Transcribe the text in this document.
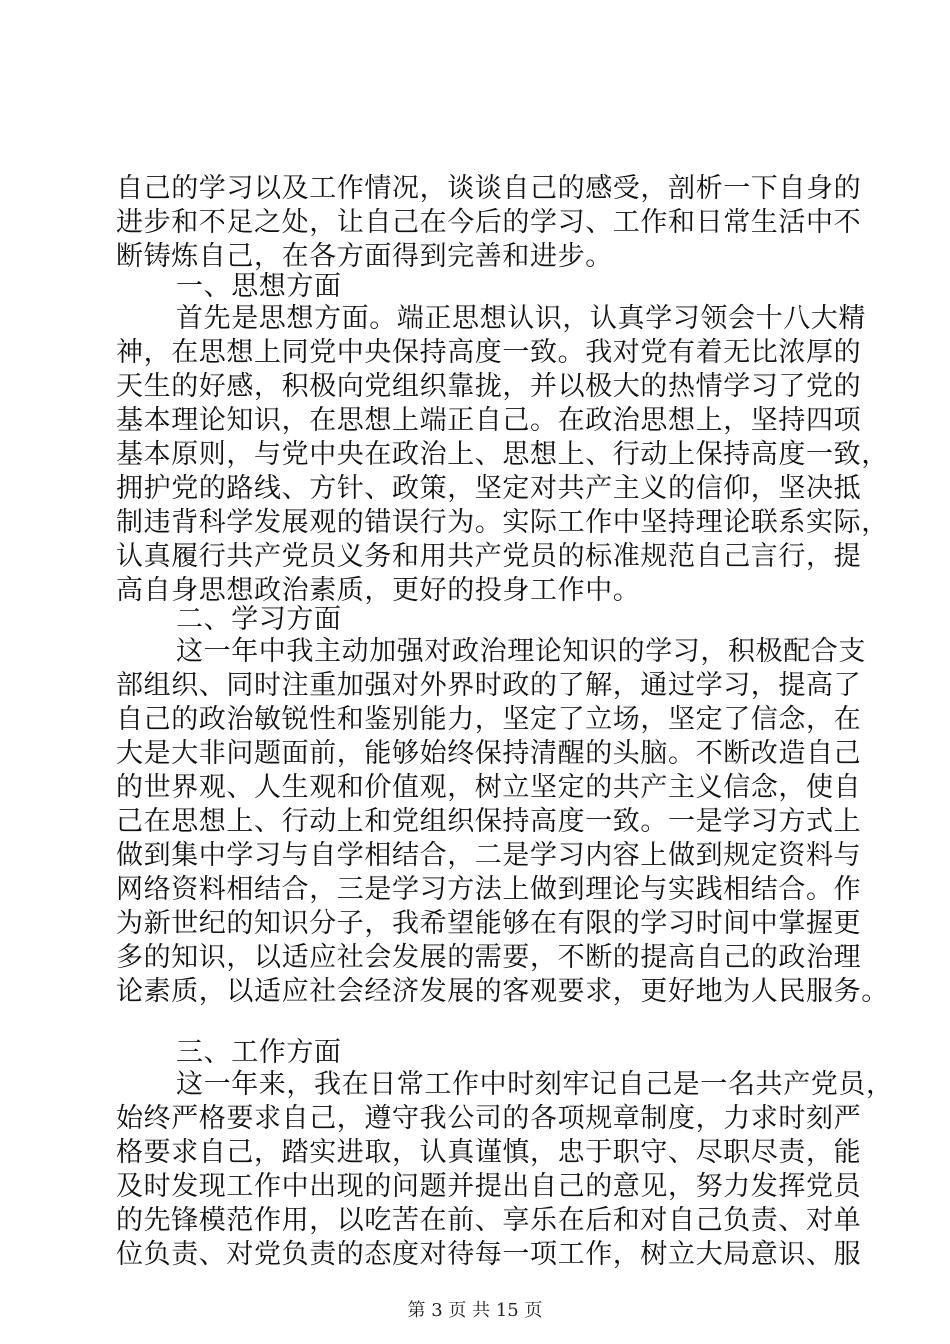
自己的学习以及工作情况，谈谈自己的感受，剖析一下自身的
进步和不足之处，让自己在今后的学习、工作和日常生活中不
断铸炼自己，在各方面得到完善和进步。
一、思想方面
首先是思想方面。端正思想认识，认真学习领会十八大精
神，在思想上同党中央保持高度一致。我对党有着无比浓厚的
天生的好感，积极向党组织靠拢，并以极大的热情学习了党的
基本理论知识，在思想上端正自己。在政治思想上，坚持四项
基本原则，与党中央在政治上、思想上、行动上保持高度一致，
拥护党的路线、方针、政策，坚定对共产主义的信仰，坚决抵
制违背科学发展观的错误行为。实际工作中坚持理论联系实际，
认真履行共产党员义务和用共产党员的标准规范自己言行，提
高自身思想政治素质，更好的投身工作中。
二、学习方面
这一年中我主动加强对政治理论知识的学习，积极配合支
部组织、同时注重加强对外界时政的了解，通过学习，提高了
自己的政治敏锐性和鉴别能力，坚定了立场，坚定了信念，在
大是大非问题面前，能够始终保持清醒的头脑。不断改造自己
的世界观、人生观和价值观，树立坚定的共产主义信念，使自
己在思想上、行动上和党组织保持高度一致。一是学习方式上
做到集中学习与自学相结合，二是学习内容上做到规定资料与
网络资料相结合，三是学习方法上做到理论与实践相结合。作
为新世纪的知识分子，我希望能够在有限的学习时间中掌握更
多的知识，以适应社会发展的需要，不断的提高自己的政治理
论素质，以适应社会经济发展的客观要求，更好地为人民服务。
三、工作方面
这一年来，我在日常工作中时刻牢记自己是一名共产党员，
始终严格要求自己，遵守我公司的各项规章制度，力求时刻严
格要求自己，踏实进取，认真谨慎，忠于职守、尽职尽责，能
及时发现工作中出现的问题并提出自己的意见，努力发挥党员
的先锋模范作用，以吃苦在前、享乐在后和对自己负责、对单
位负责、对党负责的态度对待每一项工作，树立大局意识、服
第 3 页 共 15 页
